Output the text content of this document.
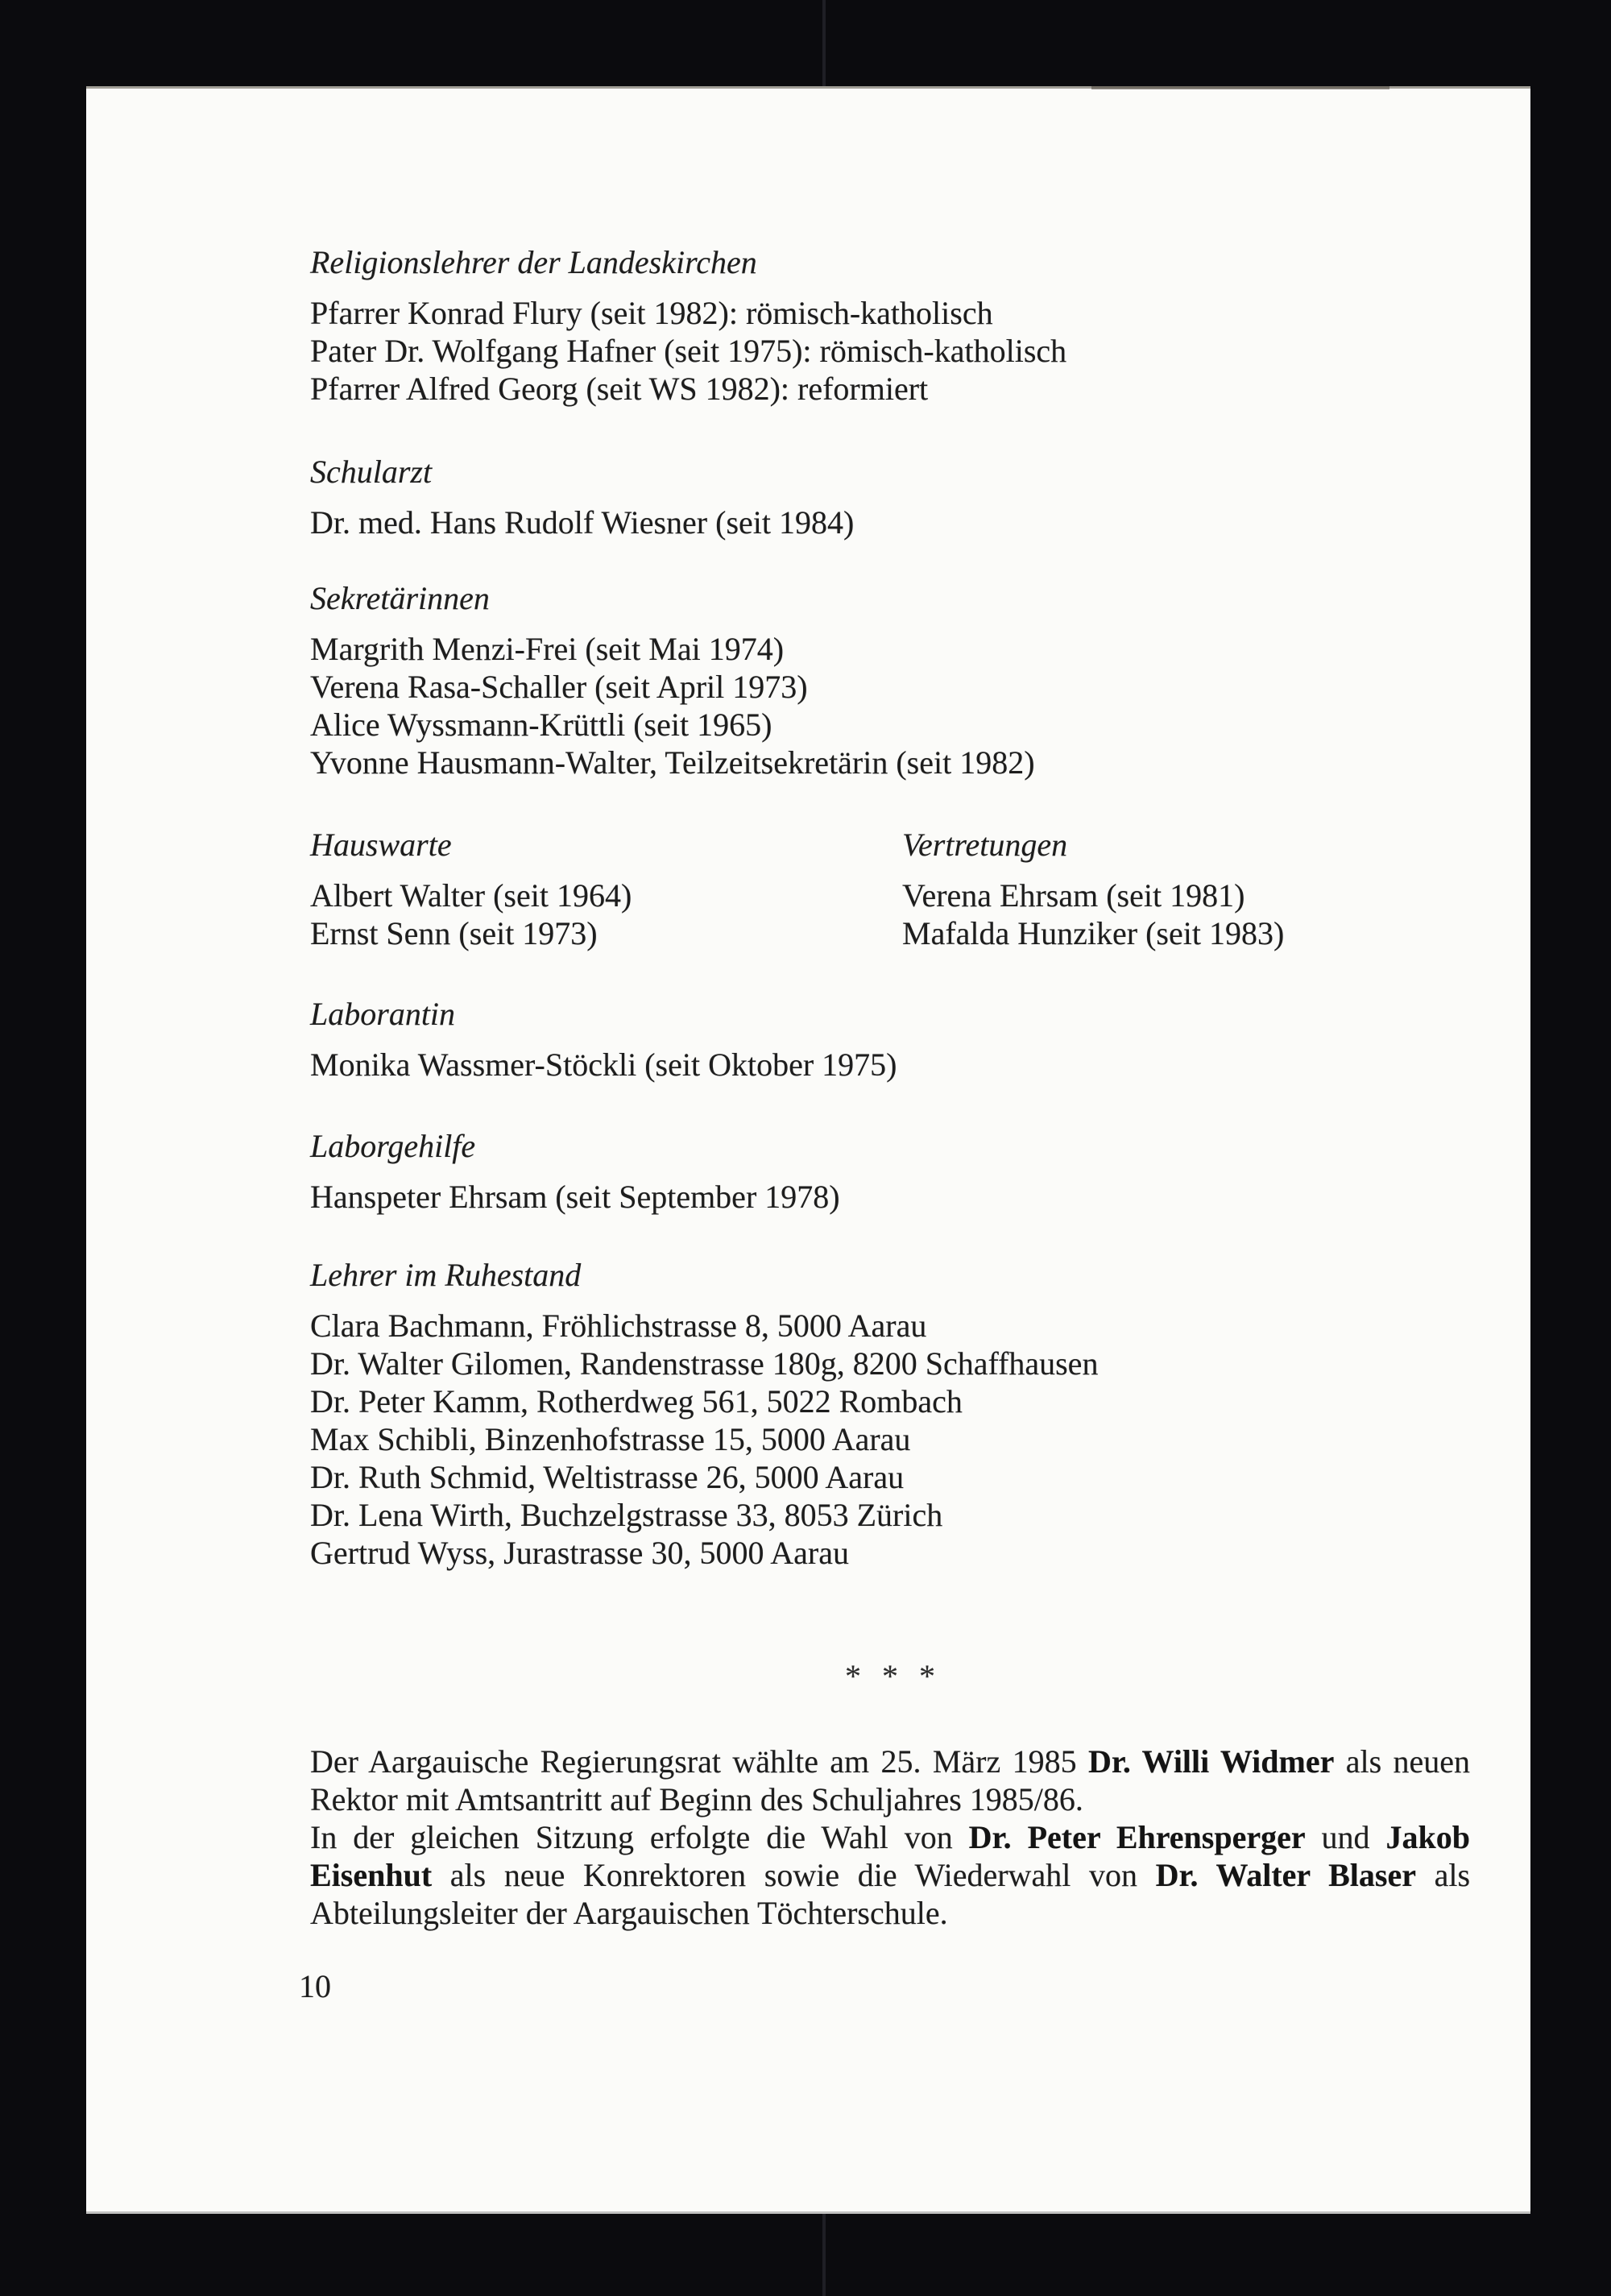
Religionslehrer der Landeskirchen
Pfarrer Konrad Flury (seit 1982): römisch-katholisch
Pater Dr. Wolfgang Hafner (seit 1975): römisch-katholisch
Pfarrer Alfred Georg (seit WS 1982): reformiert
Schularzt
Dr. med. Hans Rudolf Wiesner (seit 1984)
Sekretärinnen
Margrith Menzi-Frei (seit Mai 1974)
Verena Rasa-Schaller (seit April 1973)
Alice Wyssmann-Krüttli (seit 1965)
Yvonne Hausmann-Walter, Teilzeitsekretärin (seit 1982)
Hauswarte
Albert Walter (seit 1964)
Ernst Senn (seit 1973)
Vertretungen
Verena Ehrsam (seit 1981)
Mafalda Hunziker (seit 1983)
Laborantin
Monika Wassmer-Stöckli (seit Oktober 1975)
Laborgehilfe
Hanspeter Ehrsam (seit September 1978)
Lehrer im Ruhestand
Clara Bachmann, Fröhlichstrasse 8, 5000 Aarau
Dr. Walter Gilomen, Randenstrasse 180g, 8200 Schaffhausen
Dr. Peter Kamm, Rotherdweg 561, 5022 Rombach
Max Schibli, Binzenhofstrasse 15, 5000 Aarau
Dr. Ruth Schmid, Weltistrasse 26, 5000 Aarau
Dr. Lena Wirth, Buchzelgstrasse 33, 8053 Zürich
Gertrud Wyss, Jurastrasse 30, 5000 Aarau
* * *

Der Aargauische Regierungsrat wählte am 25. März 1985 Dr. Willi Widmer als neuen Rektor mit Amtsantritt auf Beginn des Schuljahres 1985/86.

In der gleichen Sitzung erfolgte die Wahl von Dr. Peter Ehrensperger und Jakob Eisenhut als neue Konrektoren sowie die Wiederwahl von Dr. Walter Blaser als Abteilungsleiter der Aargauischen Töchterschule.

10
